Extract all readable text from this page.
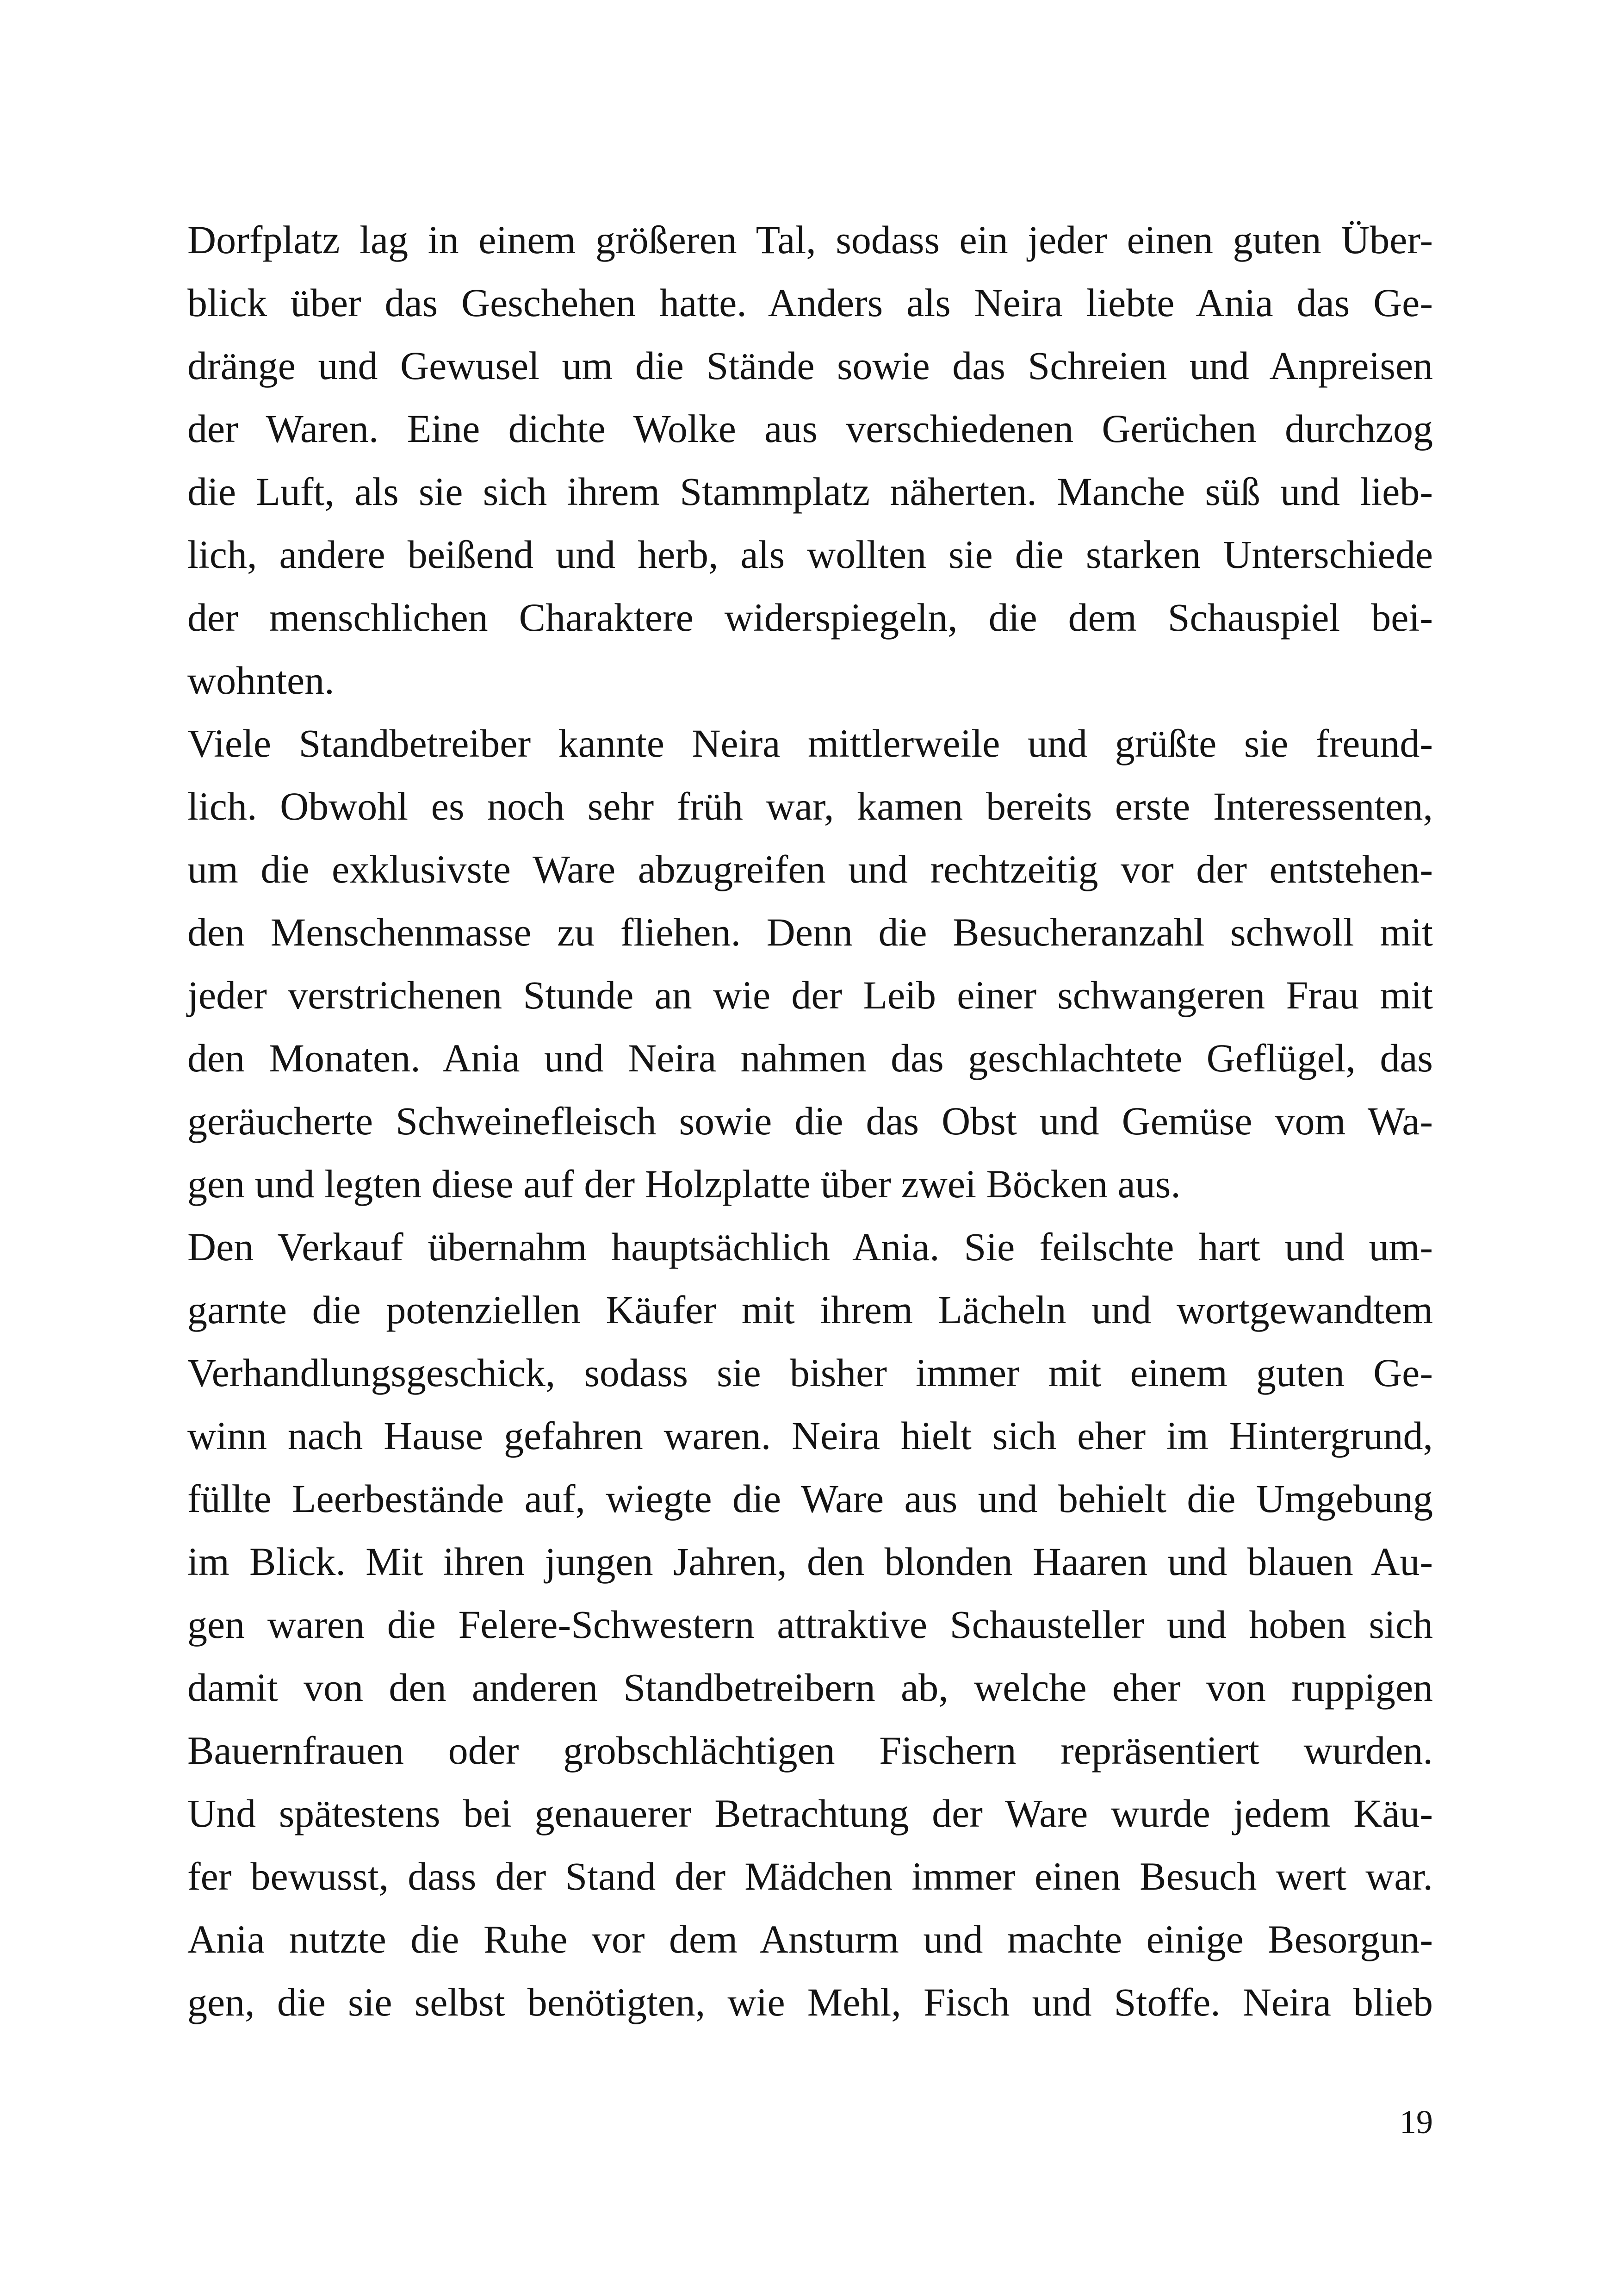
Dorfplatz lag in einem größeren Tal, sodass ein jeder einen guten Über-
blick über das Geschehen hatte. Anders als Neira liebte Ania das Ge-
dränge und Gewusel um die Stände sowie das Schreien und Anpreisen
der Waren. Eine dichte Wolke aus verschiedenen Gerüchen durchzog
die Luft, als sie sich ihrem Stammplatz näherten. Manche süß und lieb-
lich, andere beißend und herb, als wollten sie die starken Unterschiede
der menschlichen Charaktere widerspiegeln, die dem Schauspiel bei-
wohnten.
Viele Standbetreiber kannte Neira mittlerweile und grüßte sie freund-
lich. Obwohl es noch sehr früh war, kamen bereits erste Interessenten,
um die exklusivste Ware abzugreifen und rechtzeitig vor der entstehen-
den Menschenmasse zu fliehen. Denn die Besucheranzahl schwoll mit
jeder verstrichenen Stunde an wie der Leib einer schwangeren Frau mit
den Monaten. Ania und Neira nahmen das geschlachtete Geflügel, das
geräucherte Schweinefleisch sowie die das Obst und Gemüse vom Wa-
gen und legten diese auf der Holzplatte über zwei Böcken aus.
Den Verkauf übernahm hauptsächlich Ania. Sie feilschte hart und um-
garnte die potenziellen Käufer mit ihrem Lächeln und wortgewandtem
Verhandlungsgeschick, sodass sie bisher immer mit einem guten Ge-
winn nach Hause gefahren waren. Neira hielt sich eher im Hintergrund,
füllte Leerbestände auf, wiegte die Ware aus und behielt die Umgebung
im Blick. Mit ihren jungen Jahren, den blonden Haaren und blauen Au-
gen waren die Felere-Schwestern attraktive Schausteller und hoben sich
damit von den anderen Standbetreibern ab, welche eher von ruppigen
Bauernfrauen oder grobschlächtigen Fischern repräsentiert wurden.
Und spätestens bei genauerer Betrachtung der Ware wurde jedem Käu-
fer bewusst, dass der Stand der Mädchen immer einen Besuch wert war.
Ania nutzte die Ruhe vor dem Ansturm und machte einige Besorgun-
gen, die sie selbst benötigten, wie Mehl, Fisch und Stoffe. Neira blieb
19
